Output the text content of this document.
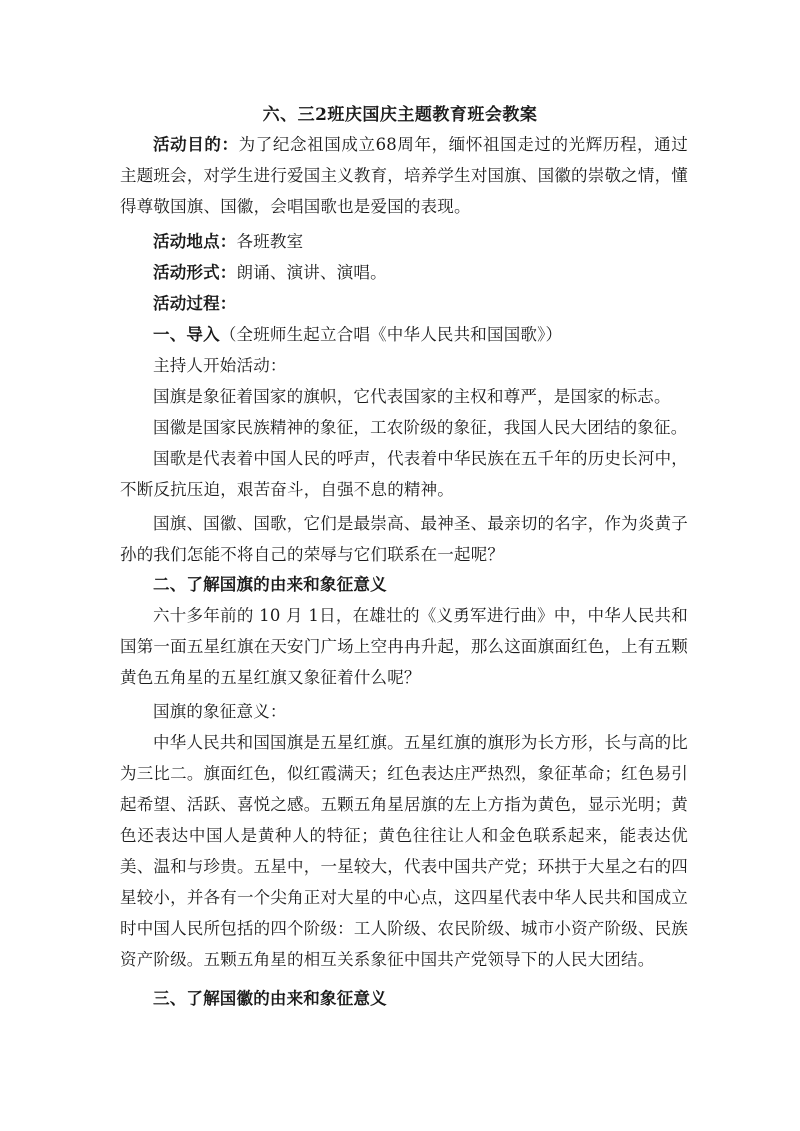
六、三2班庆国庆主题教育班会教案
活动目的：为了纪念祖国成立68周年，缅怀祖国走过的光辉历程，通过主题班会，对学生进行爱国主义教育，培养学生对国旗、国徽的崇敬之情，懂得尊敬国旗、国徽，会唱国歌也是爱国的表现。
活动地点：各班教室
活动形式：朗诵、演讲、演唱。
活动过程：
一、导入（全班师生起立合唱《中华人民共和国国歌》）
主持人开始活动：
国旗是象征着国家的旗帜，它代表国家的主权和尊严，是国家的标志。
国徽是国家民族精神的象征，工农阶级的象征，我国人民大团结的象征。
国歌是代表着中国人民的呼声，代表着中华民族在五千年的历史长河中，不断反抗压迫，艰苦奋斗，自强不息的精神。
国旗、国徽、国歌，它们是最崇高、最神圣、最亲切的名字，作为炎黄子孙的我们怎能不将自己的荣辱与它们联系在一起呢？
二、了解国旗的由来和象征意义
六十多年前的 10 月 1日，在雄壮的《义勇军进行曲》中，中华人民共和国第一面五星红旗在天安门广场上空冉冉升起，那么这面旗面红色，上有五颗黄色五角星的五星红旗又象征着什么呢？
国旗的象征意义：
中华人民共和国国旗是五星红旗。五星红旗的旗形为长方形，长与高的比为三比二。旗面红色，似红霞满天；红色表达庄严热烈，象征革命；红色易引起希望、活跃、喜悦之感。五颗五角星居旗的左上方指为黄色，显示光明；黄色还表达中国人是黄种人的特征；黄色往往让人和金色联系起来，能表达优美、温和与珍贵。五星中，一星较大，代表中国共产党；环拱于大星之右的四星较小，并各有一个尖角正对大星的中心点，这四星代表中华人民共和国成立时中国人民所包括的四个阶级：工人阶级、农民阶级、城市小资产阶级、民族资产阶级。五颗五角星的相互关系象征中国共产党领导下的人民大团结。
三、了解国徽的由来和象征意义
